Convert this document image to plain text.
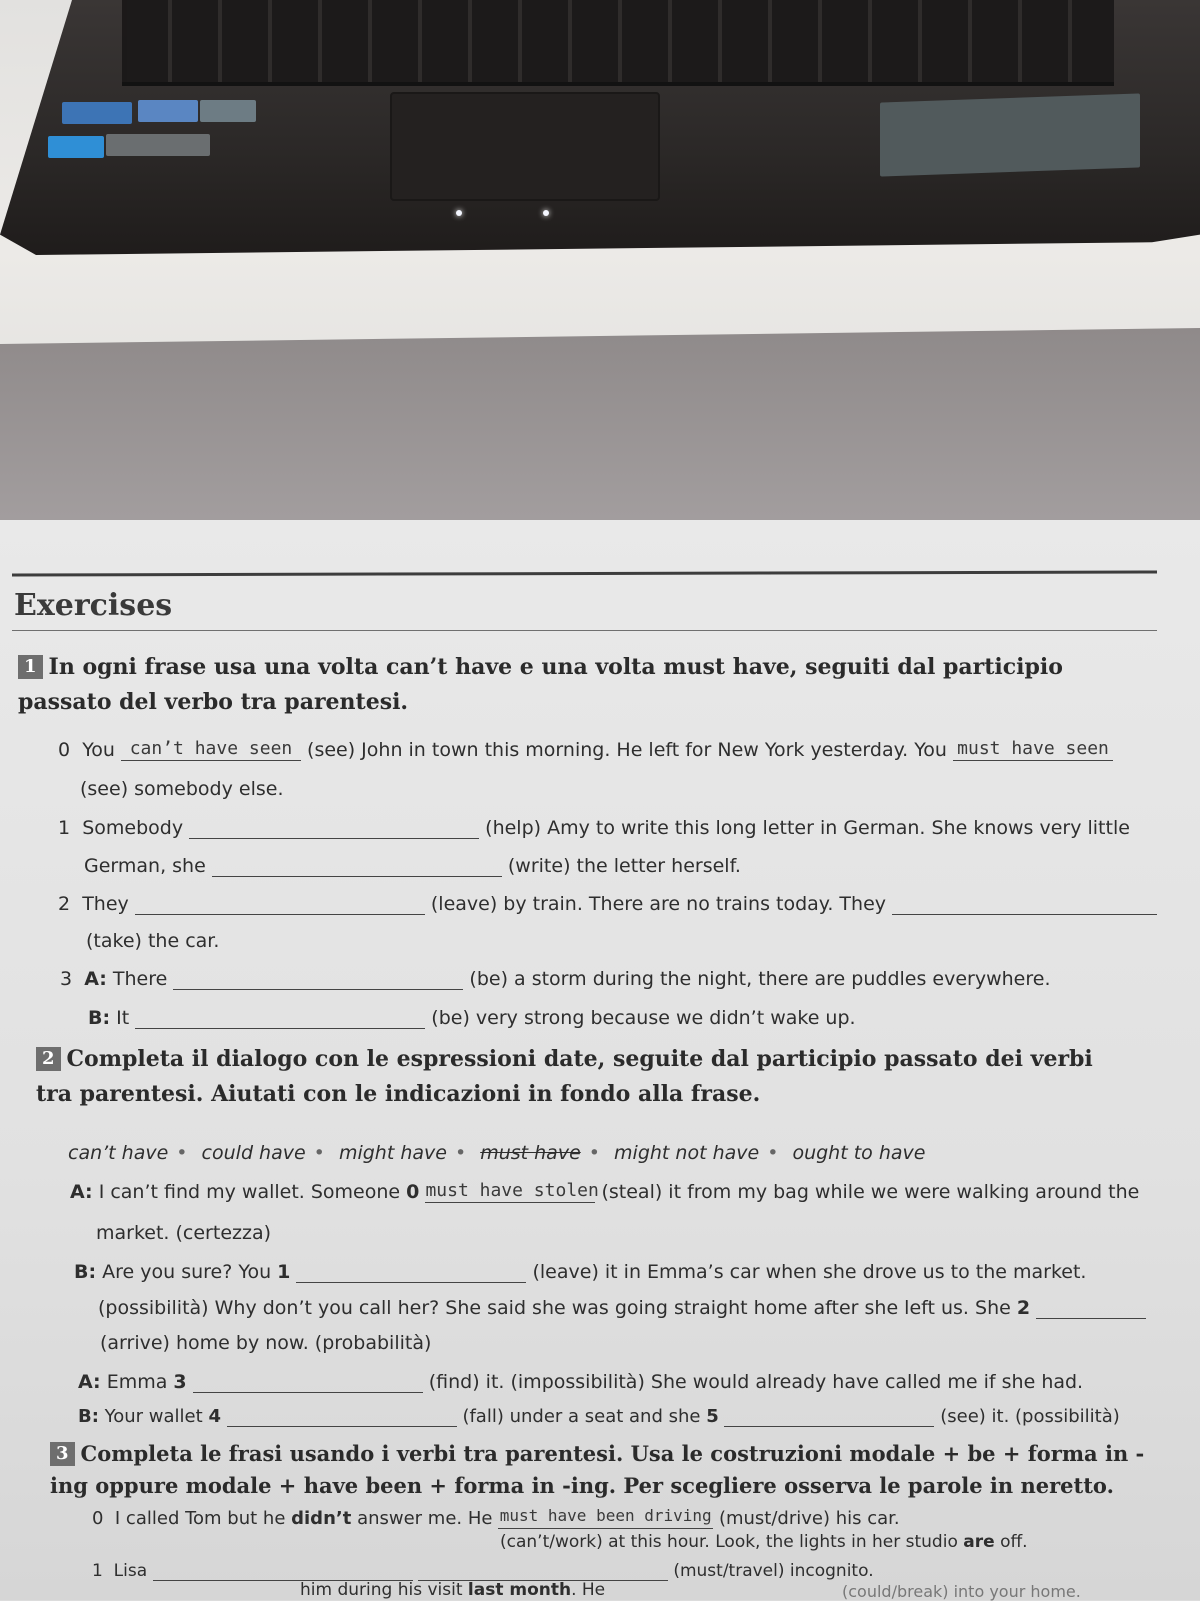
Exercises

1 In ogni frase usa una volta can’t have e una volta must have, seguiti dal participio passato del verbo tra parentesi.

0 You can’t have seen (see) John in town this morning. He left for New York yesterday. You must have seen

(see) somebody else.

1 Somebody	(help) Amy to write this long letter in German. She knows very little

German, she	(write) the letter herself.

2 They	(leave) by train. There are no trains today. They

(take) the car.

3 A: There	(be) a storm during the night, there are puddles everywhere.

B: It	(be) very strong because we didn’t wake up.

2 Completa il dialogo con le espressioni date, seguite dal participio passato dei verbi tra parentesi. Aiutati con le indicazioni in fondo alla frase.

can’t have • could have • might have • must have • might not have • ought to have

A: I can’t find my wallet. Someone 0 must have stolen (steal) it from my bag while we were walking around the

market. (certezza)

B: Are you sure? You 1	(leave) it in Emma’s car when she drove us to the market.

(possibilità) Why don’t you call her? She said she was going straight home after she left us. She 2

(arrive) home by now. (probabilità)

A: Emma 3	(find) it. (impossibilità) She would already have called me if she had.

B: Your wallet 4	(fall) under a seat and she 5	(see) it. (possibilità)

3 Completa le frasi usando i verbi tra parentesi. Usa le costruzioni modale + be + forma in -ing oppure modale + have been + forma in -ing. Per scegliere osserva le parole in neretto.

0 I called Tom but he didn’t answer me. He must have been driving (must/drive) his car.

(can’t/work) at this hour. Look, the lights in her studio are off.

1 Lisa	(must/travel) incognito.

him during his visit last month. He	(could/break) into your home.
